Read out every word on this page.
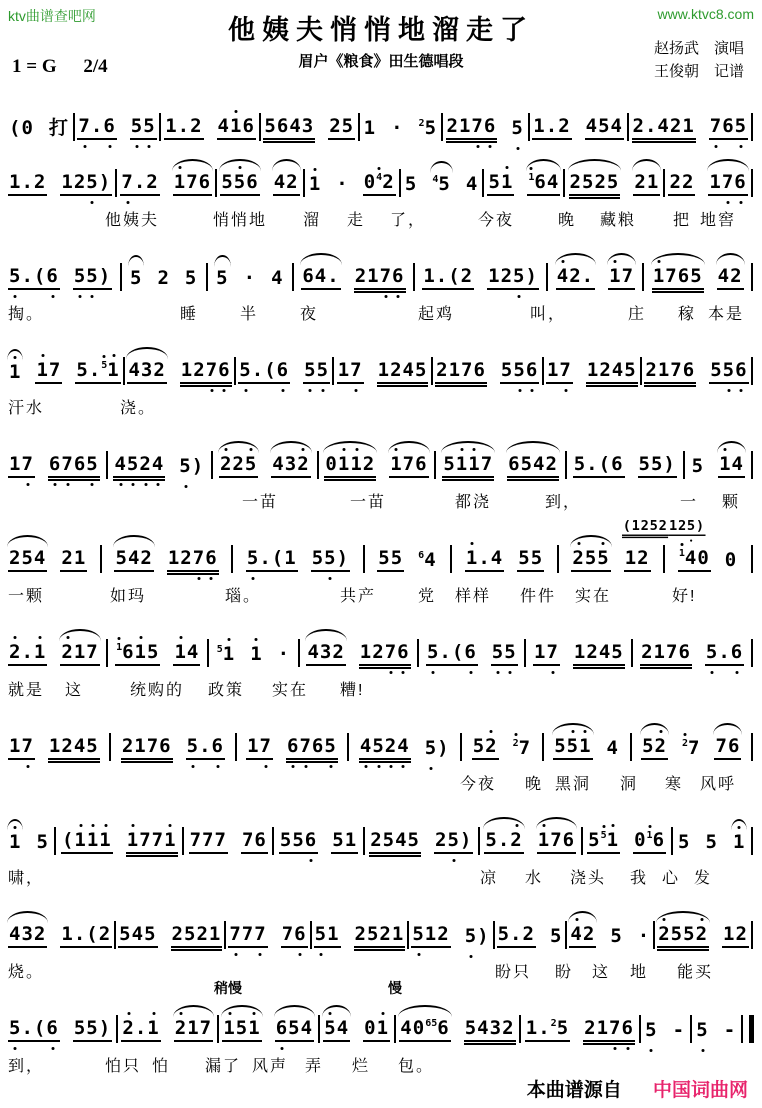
ktv曲谱查吧网	www.ktvc8.com
他姨夫悄悄地溜走了
眉户《粮食》田生德唱段
赵扬武　演唱
王俊朝　记谱
1 = G 2/4
(0 打 7
.6 5
5 1.2 41
6 5643 25 1 · $^2$5 217
6 5 1.2 454 2.421 7
65
1.2 125
) 7
.2 1
76 55
6 42 $1 \cdot 0^4$
2 5 $^4$5 4 51 $^1$
64 2525 21 22 17
6
他姨夫	悄悄地 溜 走 了，	今夜	晚 藏粮 把 地窖
5
.(6 5
5
) 5 2 5 5 · 4 64. 217
6 1.(2 125
) 4
2. 1
7 1
765 42
掏。	睡	半	夜	起鸡	叫，	庄 稼 本是
1 1
7 5.$^5$
1 432 127
6 5
.(6 5
5 17 1245 2176 55
6 17 1245 2176 55
6
汗水	浇。
17 6
7
65 4
5
2
4 5
) 2
25 432 01
1
2 1
76 51
1
7 6542 5.(6 55) 5 1
4
一苗	一苗	都浇	到，	一 颗
(1252 125
)
254 21 542 127
6 5
.(1 55
) 55 $^6$4 1
.4 55 2
55 12	$^1$
40 0
一颗	如玛	瑙。	共产	党 样样 件件 实在	好!
2
.1 2
17 $^1$
61
5 1
4 $^5$1 1 · 432 127
6 5
.(6 5
5 17 1245 2176 5
.6
就是 这	统购的 政策 实在 糟!
17 1245 2176 5
.6 17 6
7
65 4
5
2
4 5
) 52 $^2$
7 55
1 4 52 $^2$
7 76
今夜 晚 黑洞 洞 寒 风呼
1 5 (1
1
1 1
771 777 76 556 51 2545 25
) 5.2 1
76 $5^5$
1 $0^1$
6 5 5 1
啸，	凉 水 浇头 我 心 发
432 1.(2 545 2521 7
77 76 5
1 2521 5
12 5
) 5.2 5 4
2 5 · 2
552 12
烧。	盼只 盼 这 地 能买
稍慢	慢
5
.(6 55) 2
.1 2
17 1
51 6
54 5
4 01 $40^{65}6$ 5432 1.$^2$5 217
6 5 - 5 -
到，	怕只 怕 漏了 风声 弄 烂 包。
本曲谱源自 中国词曲网
